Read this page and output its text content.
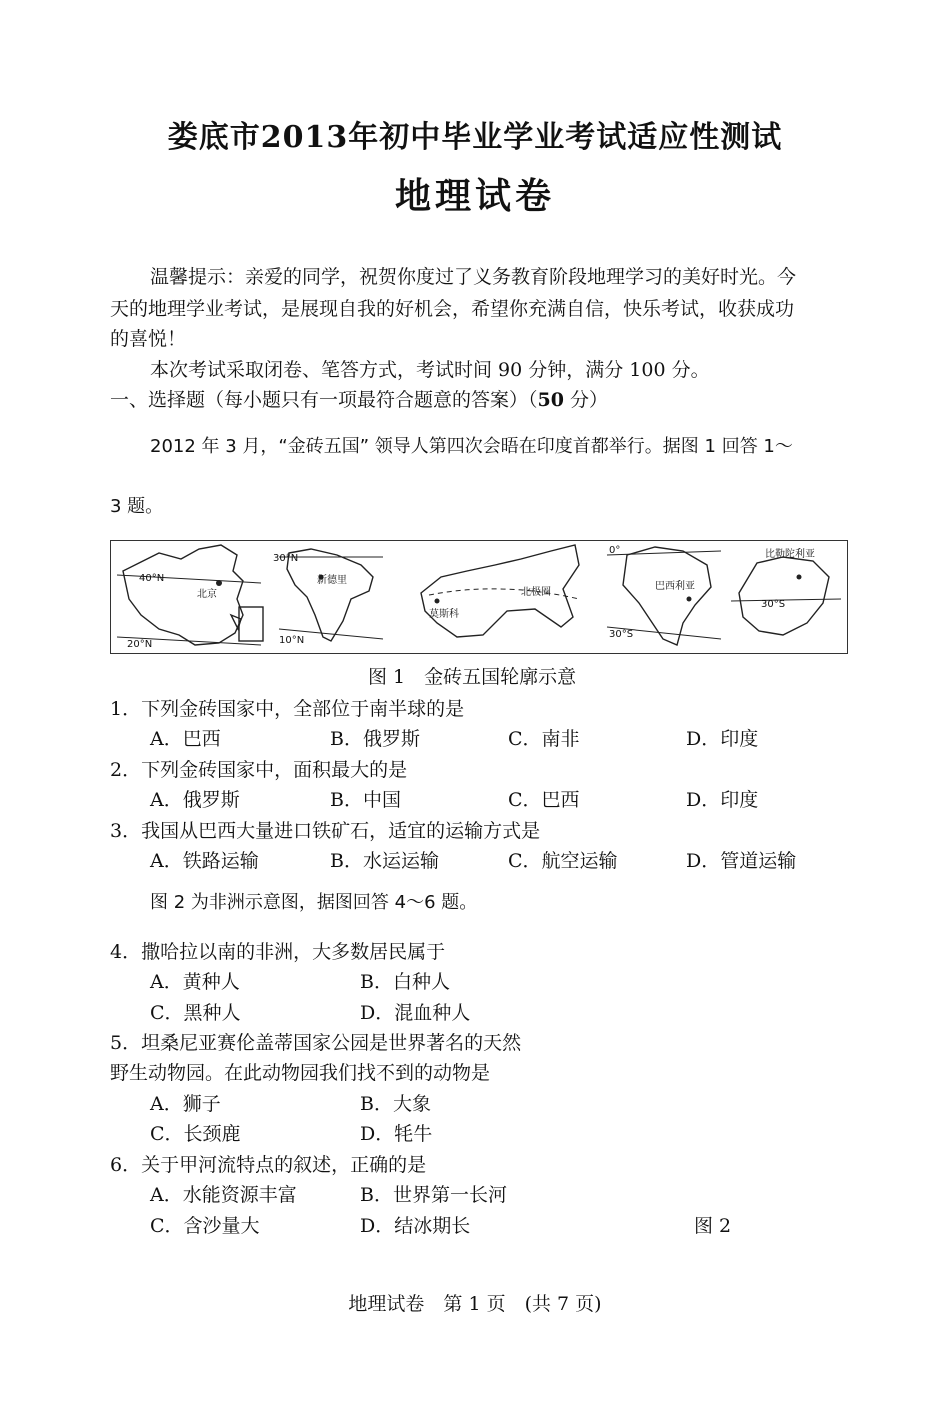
娄底市2013年初中毕业学业考试适应性测试
地理试卷
温馨提示：亲爱的同学，祝贺你度过了义务教育阶段地理学习的美好时光。今
天的地理学业考试，是展现自我的好机会，希望你充满自信，快乐考试，收获成功
的喜悦！
本次考试采取闭卷、笔答方式，考试时间 90 分钟，满分 100 分。
一、选择题（每小题只有一项最符合题意的答案）（50 分）
2012 年 3 月，“金砖五国” 领导人第四次会晤在印度首都举行。据图 1 回答 1～
3 题。
40°N
20°N
北京
30°N
10°N
新德里
莫斯科
北极圈
0°
30°S
巴西利亚
比勒陀利亚
30°S
图 1　金砖五国轮廓示意
1．下列金砖国家中，全部位于南半球的是
A．巴西	B．俄罗斯	C．南非	D．印度
2．下列金砖国家中，面积最大的是
A．俄罗斯	B．中国	C．巴西	D．印度
3．我国从巴西大量进口铁矿石，适宜的运输方式是
A．铁路运输	B．水运运输	C．航空运输	D．管道运输
图 2 为非洲示意图，据图回答 4～6 题。
4．撒哈拉以南的非洲，大多数居民属于
A．黄种人	B．白种人
C．黑种人	D．混血种人
5．坦桑尼亚赛伦盖蒂国家公园是世界著名的天然
野生动物园。在此动物园我们找不到的动物是
A．狮子	B．大象
C．长颈鹿	D．牦牛
6．关于甲河流特点的叙述，正确的是
A．水能资源丰富	B．世界第一长河
C．含沙量大	D．结冰期长	图 2
地理试卷　第 1 页　(共 7 页)
